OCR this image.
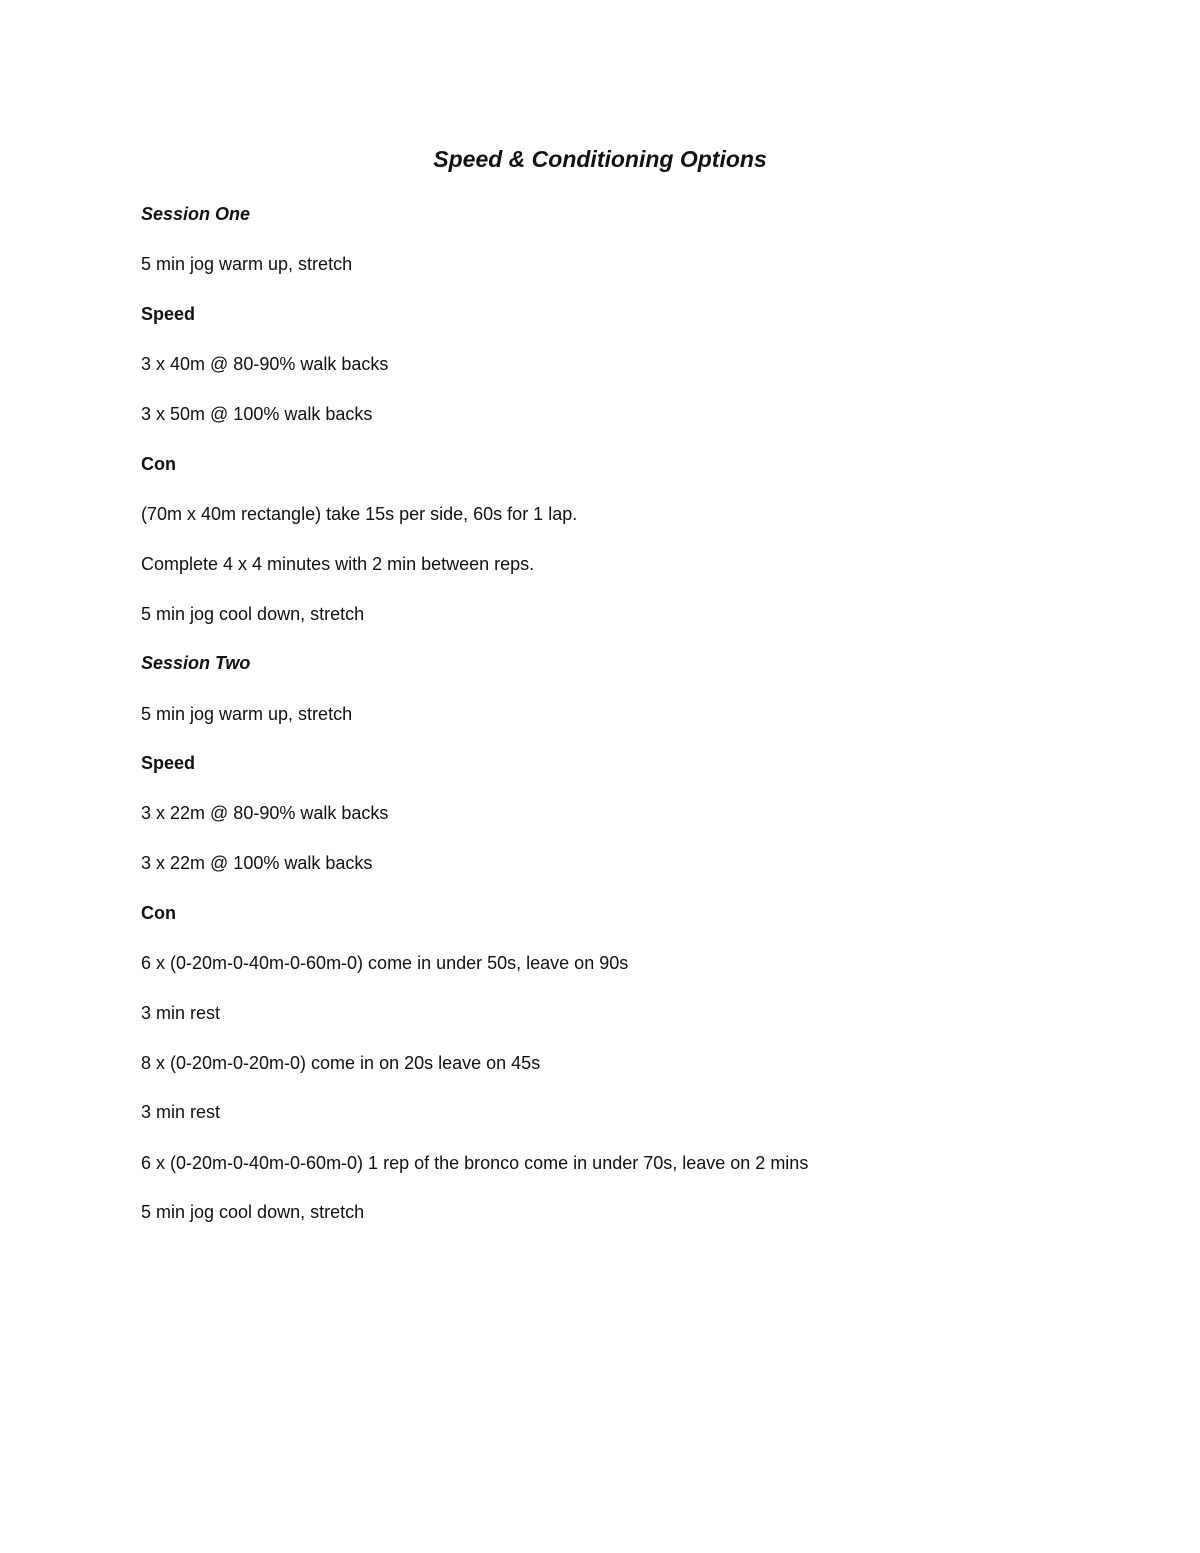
Speed & Conditioning Options

Session One

5 min jog warm up, stretch

Speed

3 x 40m @ 80-90% walk backs

3 x 50m @ 100% walk backs

Con

(70m x 40m rectangle) take 15s per side, 60s for 1 lap.

Complete 4 x 4 minutes with 2 min between reps.

5 min jog cool down, stretch

Session Two

5 min jog warm up, stretch

Speed

3 x 22m @ 80-90% walk backs

3 x 22m @ 100% walk backs

Con

6 x (0-20m-0-40m-0-60m-0) come in under 50s, leave on 90s

3 min rest

8 x (0-20m-0-20m-0) come in on 20s leave on 45s

3 min rest

6 x (0-20m-0-40m-0-60m-0) 1 rep of the bronco come in under 70s, leave on 2 mins

5 min jog cool down, stretch
